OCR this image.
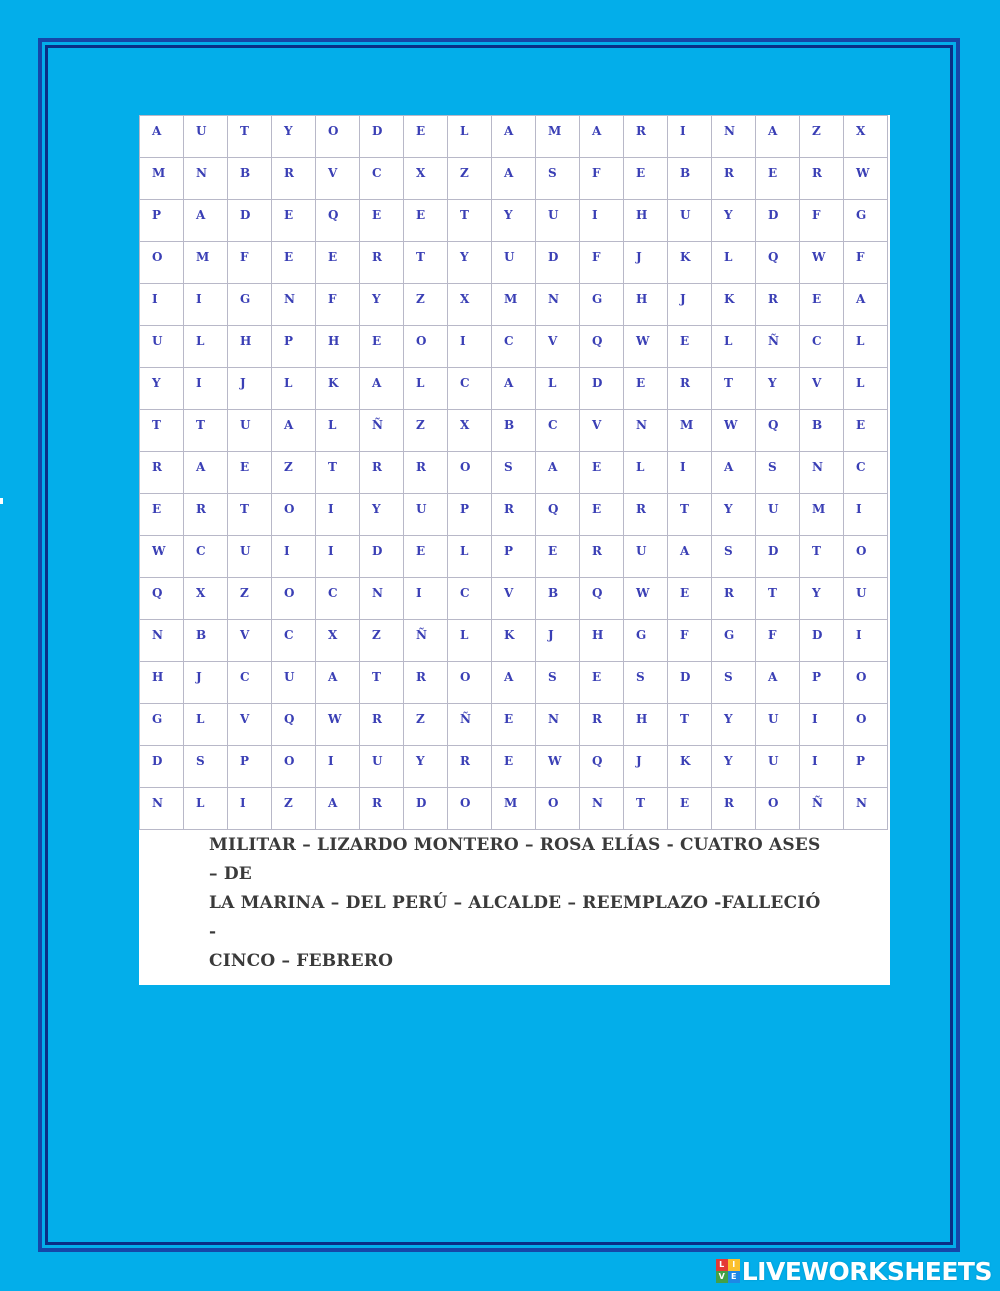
A	U	T	Y	O	D	E	L	A	M	A	R	I	N	A	Z	X
M	N	B	R	V	C	X	Z	A	S	F	E	B	R	E	R	W
P	A	D	E	Q	E	E	T	Y	U	I	H	U	Y	D	F	G
O	M	F	E	E	R	T	Y	U	D	F	J	K	L	Q	W	F
I	I	G	N	F	Y	Z	X	M	N	G	H	J	K	R	E	A
U	L	H	P	H	E	O	I	C	V	Q	W	E	L	Ñ	C	L
Y	I	J	L	K	A	L	C	A	L	D	E	R	T	Y	V	L
T	T	U	A	L	Ñ	Z	X	B	C	V	N	M	W	Q	B	E
R	A	E	Z	T	R	R	O	S	A	E	L	I	A	S	N	C
E	R	T	O	I	Y	U	P	R	Q	E	R	T	Y	U	M	I
W	C	U	I	I	D	E	L	P	E	R	U	A	S	D	T	O
Q	X	Z	O	C	N	I	C	V	B	Q	W	E	R	T	Y	U
N	B	V	C	X	Z	Ñ	L	K	J	H	G	F	G	F	D	I
H	J	C	U	A	T	R	O	A	S	E	S	D	S	A	P	O
G	L	V	Q	W	R	Z	Ñ	E	N	R	H	T	Y	U	I	O
D	S	P	O	I	U	Y	R	E	W	Q	J	K	Y	U	I	P
N	L	I	Z	A	R	D	O	M	O	N	T	E	R	O	Ñ	N
MILITAR – LIZARDO MONTERO – ROSA ELÍAS - CUATRO ASES – DE
LA MARINA – DEL PERÚ – ALCALDE – REEMPLAZO -FALLECIÓ -
CINCO – FEBRERO
L I
V E LIVEWORKSHEETS
